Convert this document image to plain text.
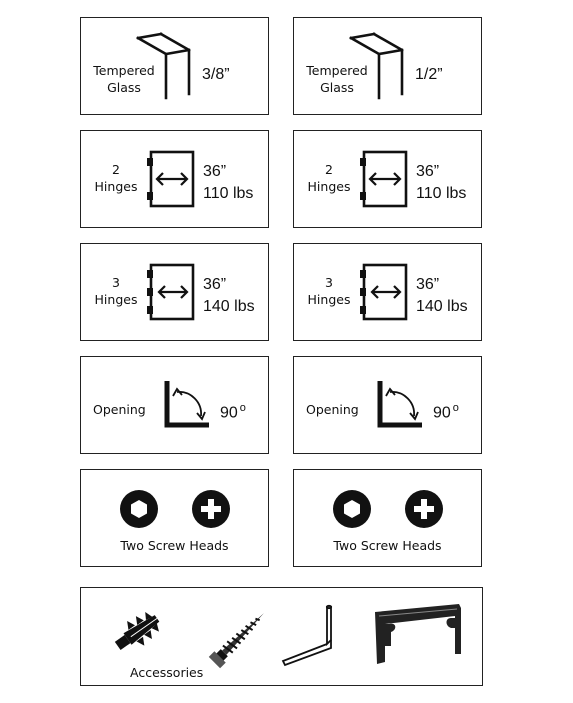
Tempered
Glass
3/8”	Tempered
Glass
1/2”
2
Hinges
36”
110 lbs
2
Hinges
36”
110 lbs
3
Hinges
36”
140 lbs
3
Hinges
36”
140 lbs
Opening	90 $^o$	Opening	90 $^o$
Two Screw Heads	Two Screw Heads
Accessories
